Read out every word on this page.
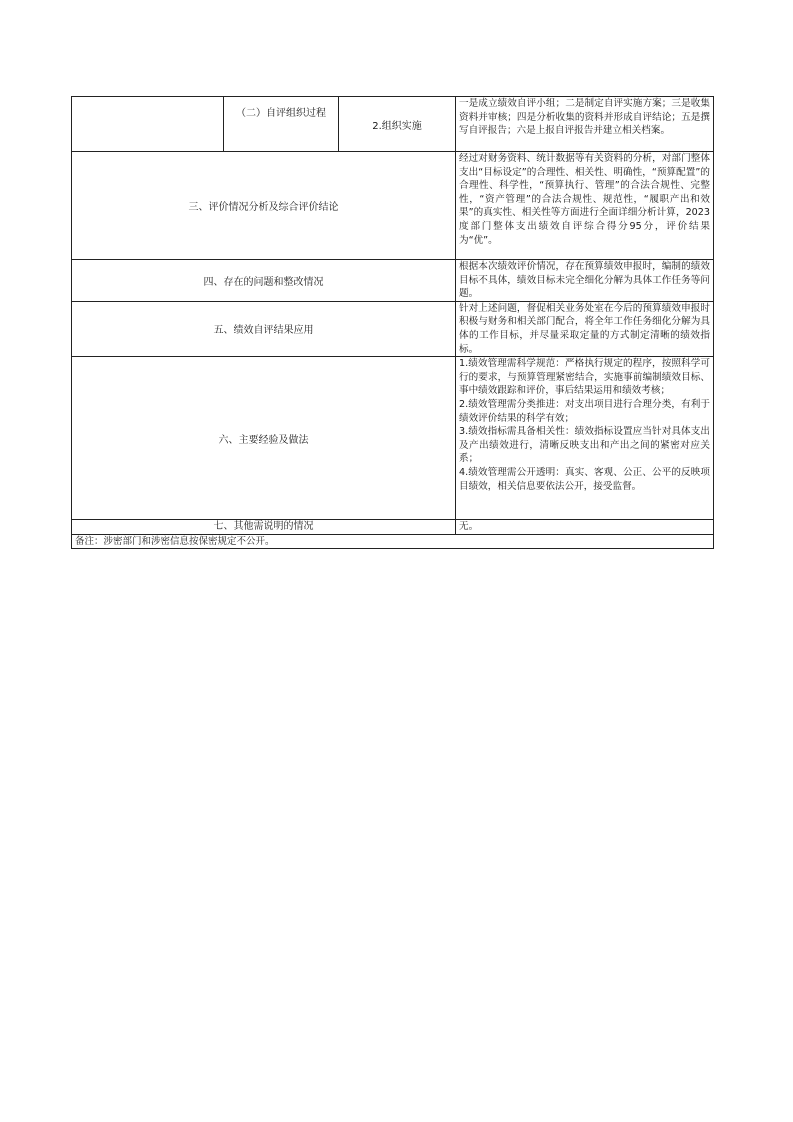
	（二）自评组织过程	2.组织实施	一是成立绩效自评小组；二是制定自评实施方案；三是收集资料并审核；四是分析收集的资料并形成自评结论；五是撰写自评报告；六是上报自评报告并建立相关档案。

三、评价情况分析及综合评价结论			经过对财务资料、统计数据等有关资料的分析，对部门整体支出“目标设定”的合理性、相关性、明确性，“预算配置”的合理性、科学性，“预算执行、管理”的合法合规性、完整性，“资产管理”的合法合规性、规范性，“履职产出和效果”的真实性、相关性等方面进行全面详细分析计算，2023度部门整体支出绩效自评综合得分95分，评价结果为“优”。

四、存在的问题和整改情况			根据本次绩效评价情况，存在预算绩效申报时，编制的绩效目标不具体，绩效目标未完全细化分解为具体工作任务等问题。

五、绩效自评结果应用			针对上述问题，督促相关业务处室在今后的预算绩效申报时积极与财务和相关部门配合，将全年工作任务细化分解为具体的工作目标，并尽量采取定量的方式制定清晰的绩效指标。

六、主要经验及做法			1.绩效管理需科学规范：严格执行规定的程序，按照科学可行的要求，与预算管理紧密结合，实施事前编制绩效目标、事中绩效跟踪和评价，事后结果运用和绩效考核；
2.绩效管理需分类推进：对支出项目进行合理分类，有利于绩效评价结果的科学有效；
3.绩效指标需具备相关性：绩效指标设置应当针对具体支出及产出绩效进行，清晰反映支出和产出之间的紧密对应关系；
4.绩效管理需公开透明：真实、客观、公正、公平的反映项目绩效，相关信息要依法公开，接受监督。

七、其他需说明的情况			无。

备注：涉密部门和涉密信息按保密规定不公开。			
